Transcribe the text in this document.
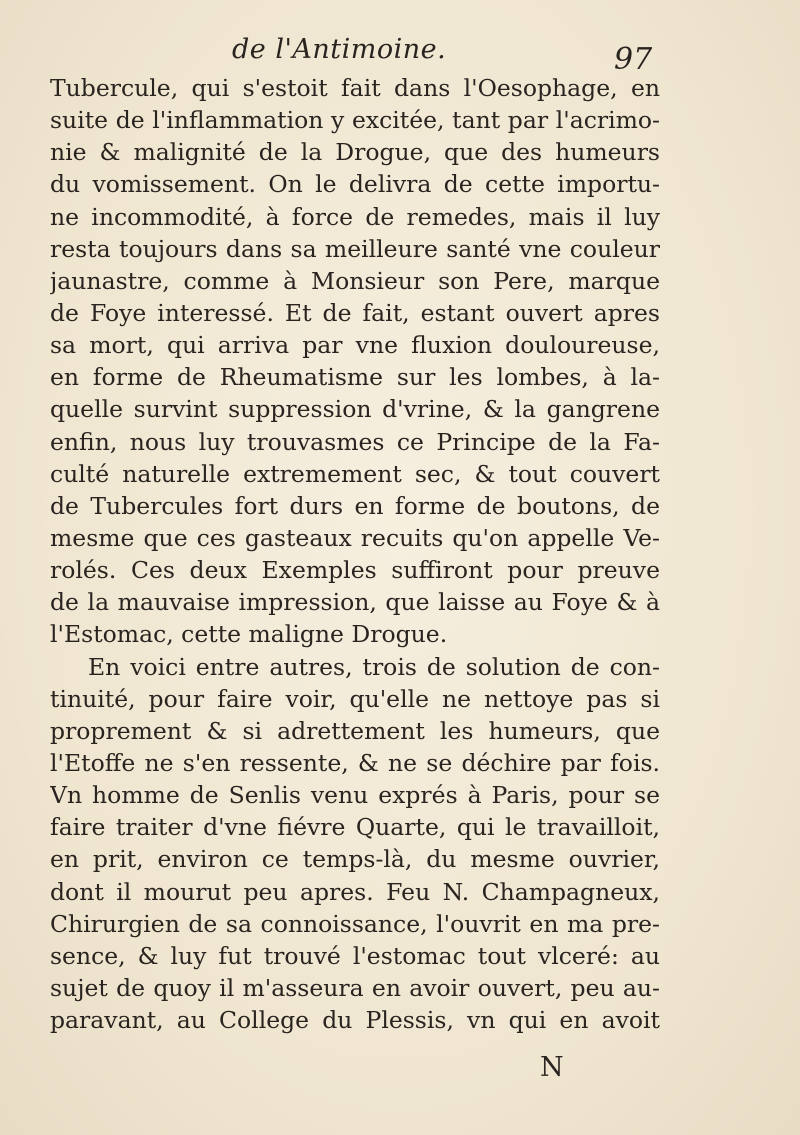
de l'Antimoine.	97
Tubercule, qui s'estoit fait dans l'Oesophage, en
suite de l'inflammation y excitée, tant par l'acrimo-
nie & malignité de la Drogue, que des humeurs
du vomissement. On le delivra de cette importu-
ne incommodité, à force de remedes, mais il luy
resta toujours dans sa meilleure santé vne couleur
jaunastre, comme à Monsieur son Pere, marque
de Foye interessé. Et de fait, estant ouvert apres
sa mort, qui arriva par vne fluxion douloureuse,
en forme de Rheumatisme sur les lombes, à la-
quelle survint suppression d'vrine, & la gangrene
enfin, nous luy trouvasmes ce Principe de la Fa-
culté naturelle extremement sec, & tout couvert
de Tubercules fort durs en forme de boutons, de
mesme que ces gasteaux recuits qu'on appelle Ve-
rolés. Ces deux Exemples suffiront pour preuve
de la mauvaise impression, que laisse au Foye & à
l'Estomac, cette maligne Drogue.
En voici entre autres, trois de solution de con-
tinuité, pour faire voir, qu'elle ne nettoye pas si
proprement & si adrettement les humeurs, que
l'Etoffe ne s'en ressente, & ne se déchire par fois.
Vn homme de Senlis venu exprés à Paris, pour se
faire traiter d'vne fiévre Quarte, qui le travailloit,
en prit, environ ce temps-là, du mesme ouvrier,
dont il mourut peu apres. Feu N. Champagneux,
Chirurgien de sa connoissance, l'ouvrit en ma pre-
sence, & luy fut trouvé l'estomac tout vlceré: au
sujet de quoy il m'asseura en avoir ouvert, peu au-
paravant, au College du Plessis, vn qui en avoit
N
